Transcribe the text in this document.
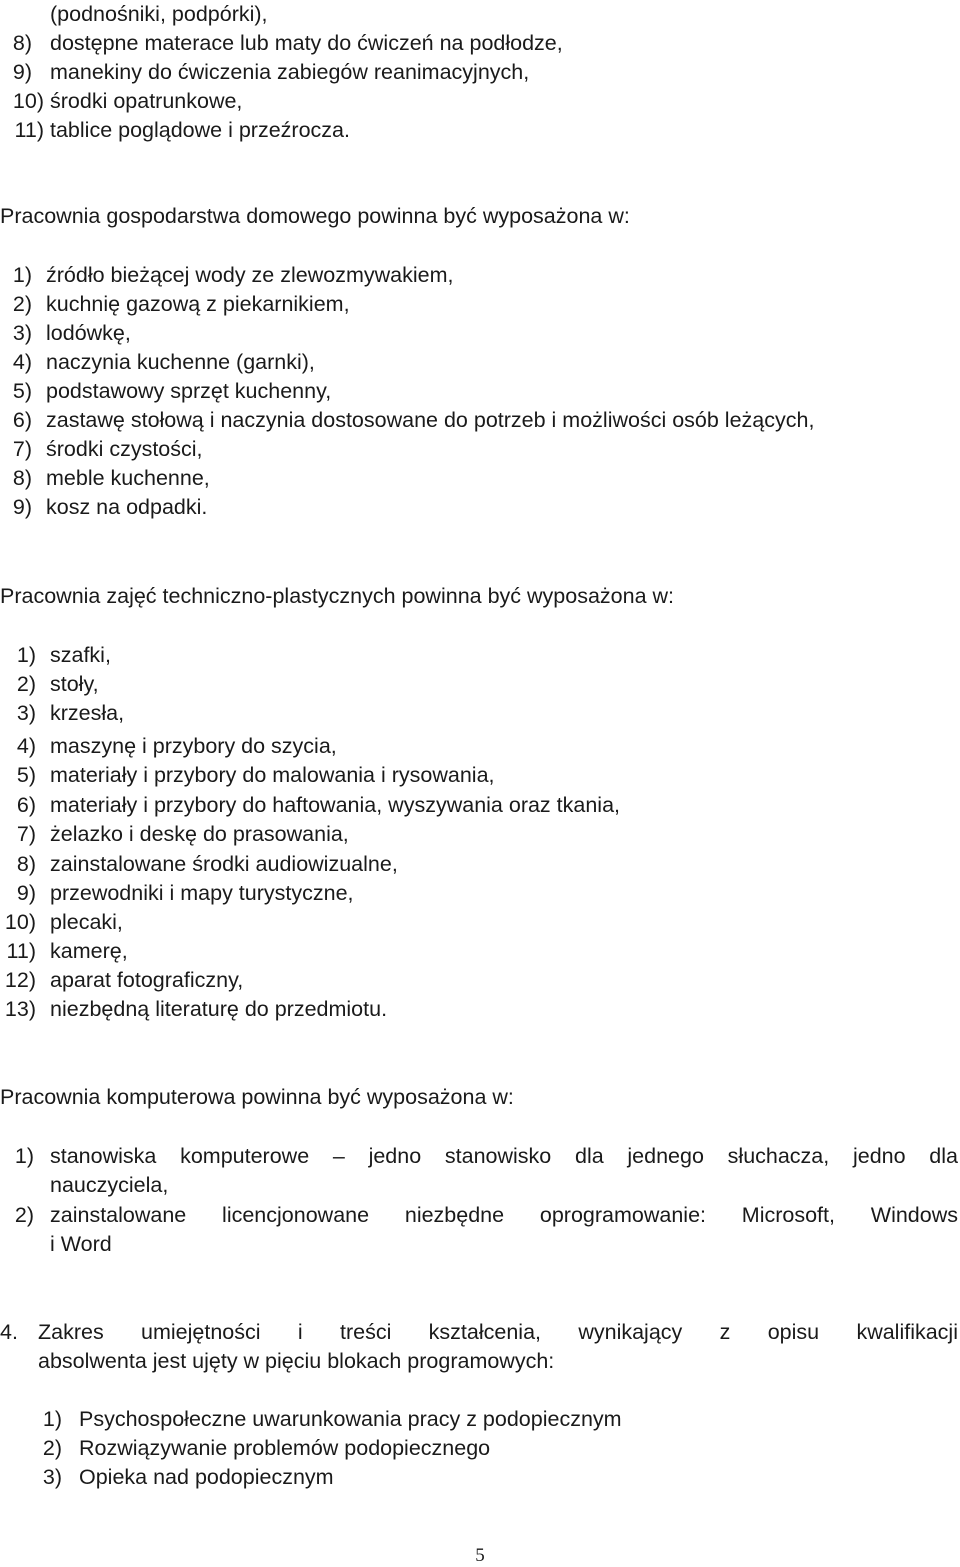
(podnośniki, podpórki),
8) dostępne materace lub maty do ćwiczeń na podłodze,
9) manekiny do ćwiczenia zabiegów reanimacyjnych,
10) środki opatrunkowe,
11) tablice poglądowe i przeźrocza.
Pracownia gospodarstwa domowego powinna być wyposażona w:
1) źródło bieżącej wody ze zlewozmywakiem,
2) kuchnię gazową z piekarnikiem,
3) lodówkę,
4) naczynia kuchenne (garnki),
5) podstawowy sprzęt kuchenny,
6) zastawę stołową i naczynia dostosowane do potrzeb i możliwości osób leżących,
7) środki czystości,
8) meble kuchenne,
9) kosz na odpadki.
Pracownia zajęć techniczno-plastycznych powinna być wyposażona w:
1) szafki,
2) stoły,
3) krzesła,
4) maszynę i przybory do szycia,
5) materiały i przybory do malowania i rysowania,
6) materiały i przybory do haftowania, wyszywania oraz tkania,
7) żelazko i deskę do prasowania,
8) zainstalowane środki audiowizualne,
9) przewodniki i mapy turystyczne,
10) plecaki,
11) kamerę,
12) aparat fotograficzny,
13) niezbędną literaturę do przedmiotu.
Pracownia komputerowa powinna być wyposażona w:
1) stanowiska komputerowe – jedno stanowisko dla jednego słuchacza, jedno dla
nauczyciela,
2) zainstalowane licencjonowane niezbędne oprogramowanie: Microsoft, Windows
i Word
4. Zakres umiejętności i treści kształcenia, wynikający z opisu kwalifikacji
absolwenta jest ujęty w pięciu blokach programowych:
1) Psychospołeczne uwarunkowania pracy z podopiecznym
2) Rozwiązywanie problemów podopiecznego
3) Opieka nad podopiecznym
5
